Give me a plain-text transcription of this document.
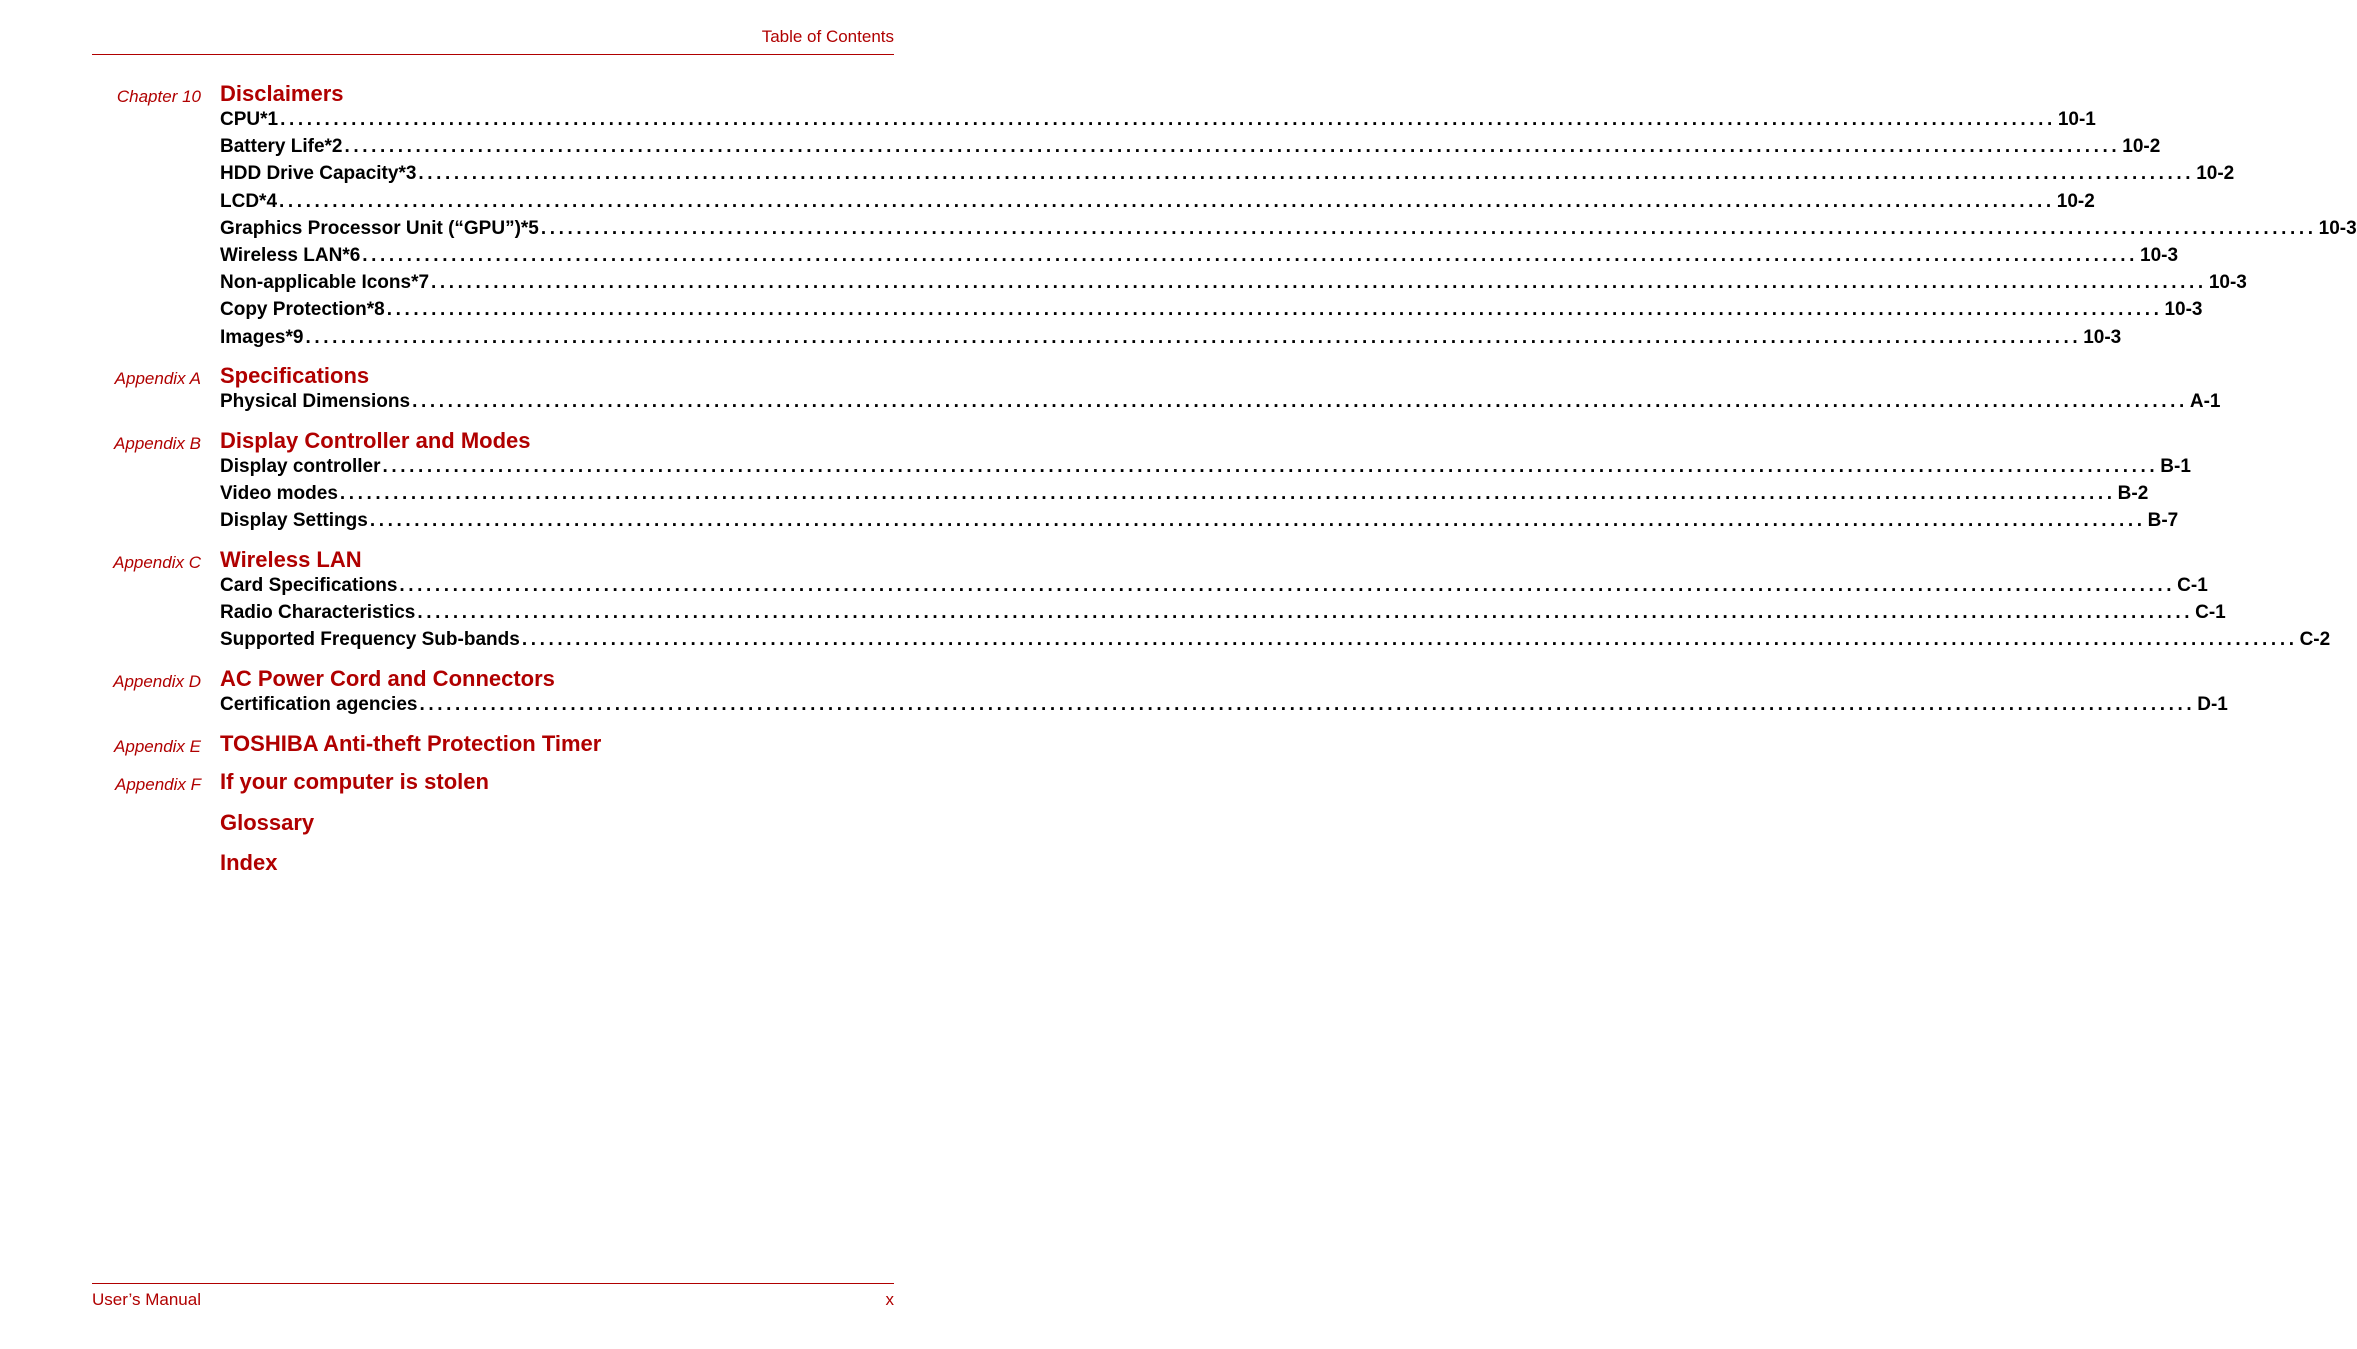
Table of Contents
Chapter 10 Disclaimers
CPU*1 ........................................................................................................................................................................................................ 10-1
Battery Life*2 ........................................................................................................................................................................................................ 10-2
HDD Drive Capacity*3 ........................................................................................................................................................................................................ 10-2
LCD*4 ........................................................................................................................................................................................................ 10-2
Graphics Processor Unit (“GPU”)*5 ........................................................................................................................................................................................................ 10-3
Wireless LAN*6 ........................................................................................................................................................................................................ 10-3
Non-applicable Icons*7 ........................................................................................................................................................................................................ 10-3
Copy Protection*8 ........................................................................................................................................................................................................ 10-3
Images*9 ........................................................................................................................................................................................................ 10-3
Appendix A Specifications
Physical Dimensions ........................................................................................................................................................................................................ A-1
Appendix B Display Controller and Modes
Display controller ........................................................................................................................................................................................................ B-1
Video modes ........................................................................................................................................................................................................ B-2
Display Settings ........................................................................................................................................................................................................ B-7
Appendix C Wireless LAN
Card Specifications ........................................................................................................................................................................................................ C-1
Radio Characteristics ........................................................................................................................................................................................................ C-1
Supported Frequency Sub-bands ........................................................................................................................................................................................................ C-2
Appendix D AC Power Cord and Connectors
Certification agencies ........................................................................................................................................................................................................ D-1
Appendix E TOSHIBA Anti-theft Protection Timer
Appendix F If your computer is stolen
Glossary
Index
User’s Manual	x
